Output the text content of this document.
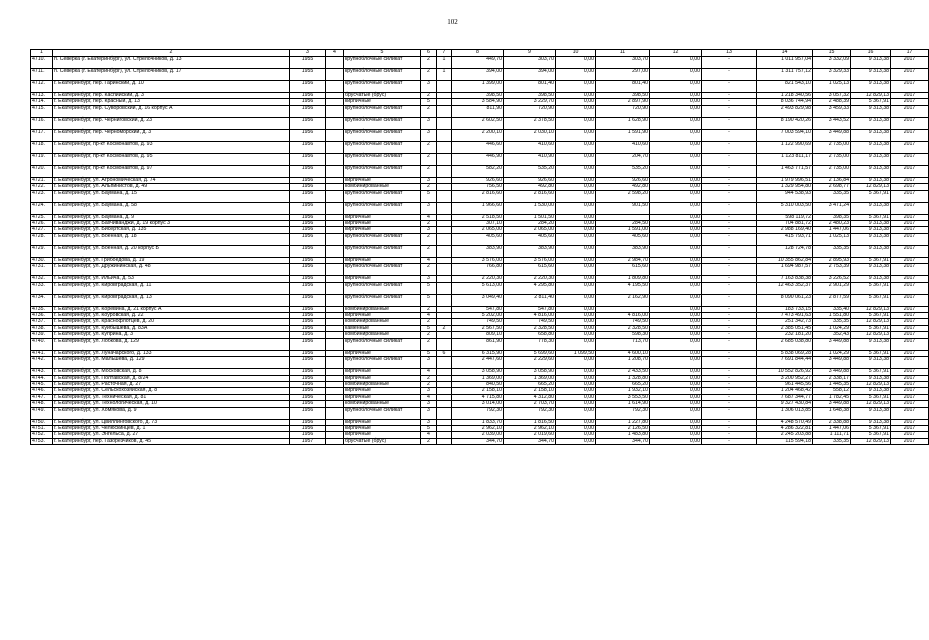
102
1	2	3	4	5	6	7	8	9	10	11	12	13	14	15	16	17
4710.	п. Северка (г. Екатеринбург), ул. Стрелочников, д. 13	1955		крупноблочные силикат	2	1	449,70	303,70	0,00	303,70	0,00	-	1 011 957,04	3 332,09	9 313,38	2017
4711.	п. Северка (г. Екатеринбург), ул. Стрелочников, д. 17	1955		крупноблочные силикат	2	1	394,00	394,00	0,00	297,00	0,00	-	1 311 757,12	3 329,33	9 313,38	2017
4712.	г. Екатеринбург, пер. Гаринский, д. 10	1956		крупноблочные силикат	3		1 399,00	801,40	0,00	801,40	0,00	-	821 543,10	1 025,13	9 313,38	2017
4713.	г. Екатеринбург, пер. Каспийский, д. 3	1956		брусчатые (брус)	2		398,50	398,50	0,00	398,50	0,00	-	1 218 340,56	3 057,32	12 829,13	2017
4714.	г. Екатеринбург, пер. Красный, д. 13	1956		кирпичные	5		3 584,90	3 229,70	0,00	2 897,90	0,00	-	8 036 744,94	2 488,39	5 367,91	2017
4715.	г. Екатеринбург, пер. Суворовский, д. 16 корпус А	1956		крупноблочные силикат	2		811,90	720,90	0,00	720,90	0,00	-	2 493 829,98	3 459,33	9 313,38	2017
4716.	г. Екатеринбург, пер. Черниговский, д. 23	1956		крупноблочные силикат	3		2 602,50	2 378,50	0,00	1 628,90	0,00	-	8 190 420,26	3 443,52	9 313,38	2017
4717.	г. Екатеринбург, пер. Черноморский, д. 3	1956		крупноблочные силикат	3		2 200,10	2 030,10	0,00	1 591,90	0,00	-	7 003 594,10	3 449,88	9 313,38	2017
4718.	г. Екатеринбург, пр-кт Космонавтов, д. 93	1956		крупноблочные силикат	2		446,60	410,60	0,00	410,60	0,00	-	1 122 990,69	2 735,00	9 313,38	2017
4719.	г. Екатеринбург, пр-кт Космонавтов, д. 95	1956		крупноблочные силикат	2		446,90	410,90	0,00	204,70	0,00	-	1 123 811,17	2 735,00	9 313,38	2017
4720.	г. Екатеринбург, пр-кт Космонавтов, д. 97	1956		крупноблочные силикат	2		582,20	535,20	0,00	535,20	0,00	-	1 463 771,57	2 735,00	9 313,38	2017
4721.	г. Екатеринбург, ул. Агрономическая, д. 74	1956		кирпичные	3		926,60	926,60	0,00	926,60	0,00	-	1 979 996,51	2 136,84	9 313,38	2017
4722.	г. Екатеринбург, ул. Альпинистов, д. 49	1956		комбинированные	2		756,50	492,80	0,00	492,80	0,00	-	1 329 954,80	2 698,77	12 829,13	2017
4723.	г. Екатеринбург, ул. Баумана, д. 15	1956		крупноблочные силикат	5		2 816,60	2 816,60	0,00	2 598,20	0,00	-	944 538,93	335,35	5 367,91	2017
4724.	г. Екатеринбург, ул. Баумана, д. 58	1956		крупноблочные силикат	3		1 966,60	1 530,00	0,00	901,50	0,00	-	5 310 003,50	3 471,24	9 313,38	2017
4725.	г. Екатеринбург, ул. Баумана, д. 9	1956		кирпичные	4		2 518,50	1 501,50	0,00		0,00	-	598 119,72	398,35	5 367,91	2017
4726.	г. Екатеринбург, ул. Бахчиванджи, д. 19 корпус 3	1956		кирпичные	2		307,10	284,20	0,00	284,50	0,00	-	704 881,72	2 480,23	9 313,38	2017
4727.	г. Екатеринбург, ул. Бисертская, д. 135	1956		кирпичные	3		2 065,00	2 065,00	0,00	1 591,00	0,00	-	2 988 169,40	1 447,06	9 313,38	2017
4728.	г. Екатеринбург, ул. Военная, д. 18	1956		крупноблочные силикат	2		405,60	405,60	0,00	405,60	0,00	-	415 793,71	1 025,13	9 313,38	2017
4729.	г. Екатеринбург, ул. Военная, д. 20 корпус Б	1956		крупноблочные силикат	2		383,90	383,90	0,00	383,90	0,00	-	128 724,78	335,35	9 313,38	2017
4730.	г. Екатеринбург, ул. Грибоедова, д. 19	1956		кирпичные	4		3 576,00	3 576,00	0,00	2 984,70	0,00	-	10 355 862,84	2 895,93	5 367,91	2017
4731.	г. Екатеринбург, ул. Дружининская, д. 48	1956		крупноблочные силикат	2		766,80	615,60	0,00	615,60	0,00	-	1 694 987,57	2 753,39	9 313,38	2017
4732.	г. Екатеринбург, ул. Ильича, д. 53	1956		кирпичные	3		2 220,30	2 220,30	0,00	1 809,80	0,00	-	7 163 838,38	3 226,52	9 313,38	2017
4733.	г. Екатеринбург, ул. Кировградская, д. 11	1956		крупноблочные силикат	5		5 613,00	4 295,80	0,00	4 195,50	0,00	-	12 463 352,37	2 901,29	5 367,91	2017
4734.	г. Екатеринбург, ул. Кировградская, д. 13	1956		крупноблочные силикат	5		3 049,40	2 811,40	0,00	2 162,90	0,00	-	8 090 061,23	2 877,59	5 367,91	2017
4735.	г. Екатеринбург, ул. Коревина, д. 21 корпус А	1956		комбинированные	2		547,80	547,80	0,00		0,00	-	183 733,15	335,40	12 829,13	2017
4736.	г. Екатеринбург, ул. Коуровская, д. 22	1956		кирпичные	4		5 202,00	4 816,00	0,00	4 816,00	0,00	-	7 473 491,63	1 551,80	5 367,91	2017
4737.	г. Екатеринбург, ул. Краснофлотцев, д. 20	1956		комбинированные	2		749,50	749,50	0,00	749,50	0,00	-	251 342,73	335,35	12 829,13	2017
4738.	г. Екатеринбург, ул. Куйбышева, д. 83А	1956		каменные	5	2	2 567,50	2 328,50	0,00	2 328,50	0,00	-	2 385 051,45	1 024,29	5 367,91	2017
4739.	г. Екатеринбург, ул. Куприна, д. 3	1956		комбинированные	2		809,10	658,80	0,00	598,30	0,00	-	232 181,20	352,43	12 829,13	2017
4740.	г. Екатеринбург, ул. Лобкова, д. 129	1956		крупноблочные силикат	2		861,90	778,30	0,00	713,70	0,00	-	2 685 038,80	3 449,88	9 313,38	2017
4741.	г. Екатеринбург, ул. Луначарского, д. 133	1956		кирпичные	5	6	6 315,90	5 699,60	1 099,50	4 600,10	0,00	-	5 838 069,28	1 024,29	5 367,91	2017
4742.	г. Екатеринбург, ул. Мальшева, д. 129	1956		крупноблочные силикат	3		2 447,60	2 229,60	0,00	1 208,70	0,00	-	7 691 844,44	3 449,88	9 313,38	2017
4743.	г. Екатеринбург, ул. Московская, д. 8	1956		кирпичные	4		3 058,90	3 058,90	0,00	2 433,50	0,00	-	10 552 826,92	3 449,88	5 367,91	2017
4744.	г. Екатеринбург, ул. Полтавская, д. 8/24	1956		кирпичные	2		1 369,00	1 369,00	0,00	1 328,80	0,00	-	3 200 952,27	2 338,17	9 313,38	2017
4745.	г. Екатеринбург, ул. Расточная, д. 27	1956		комбинированные	2		840,50	665,20	0,00	665,20	0,00	-	961 445,56	1 445,35	12 829,13	2017
4746.	г. Екатеринбург, ул. Сельскохозяйская, д. 8	1956		кирпичные	3		2 158,10	2 158,10	0,00	1 932,10	0,00	-	1 204 468,42	558,12	9 313,38	2017
4747.	г. Екатеринбург, ул. Техническая, д. 81	1956		кирпичные	4		4 715,80	4 312,80	0,00	3 553,50	0,00	-	7 687 344,77	1 782,45	5 367,91	2017
4748.	г. Екатеринбург, ул. Технологическая, д. 10	1956		комбинированные	3		3 014,00	2 703,70	0,00	1 614,90	0,00	-	9 327 430,84	3 449,88	12 829,13	2017
4749.	г. Екатеринбург, ул. Хомякова, д. 9	1956		крупноблочные силикат	3		792,30	792,30	0,00	792,30	0,00	-	1 306 013,85	1 648,38	9 313,38	2017
4750.	г. Екатеринбург, ул. Цвиллинговского, д. 73	1956		кирпичные	3		1 833,70	1 816,50	0,00	1 227,80	0,00	-	4 248 570,49	2 338,88	9 313,38	2017
4751.	г. Екатеринбург, ул. Челюскинцев, д. 1	1956		кирпичные	5		2 962,10	2 962,10	0,00	2 126,50	0,00	-	4 286 322,81	1 447,06	5 367,91	2017
4752.	г. Екатеринбург, ул. Энгельса, д. 27	1956		кирпичные	4		2 039,00	2 019,60	0,00	1 483,80	0,00	-	2 245 203,88	1 111,71	5 367,91	2017
4753.	г. Екатеринбург, пер. Газорезчиков, д. 45	1957		брусчатые (брус)	2		344,70	344,70	0,00	344,70	0,00	-	115 594,18	335,35	12 829,13	2017
